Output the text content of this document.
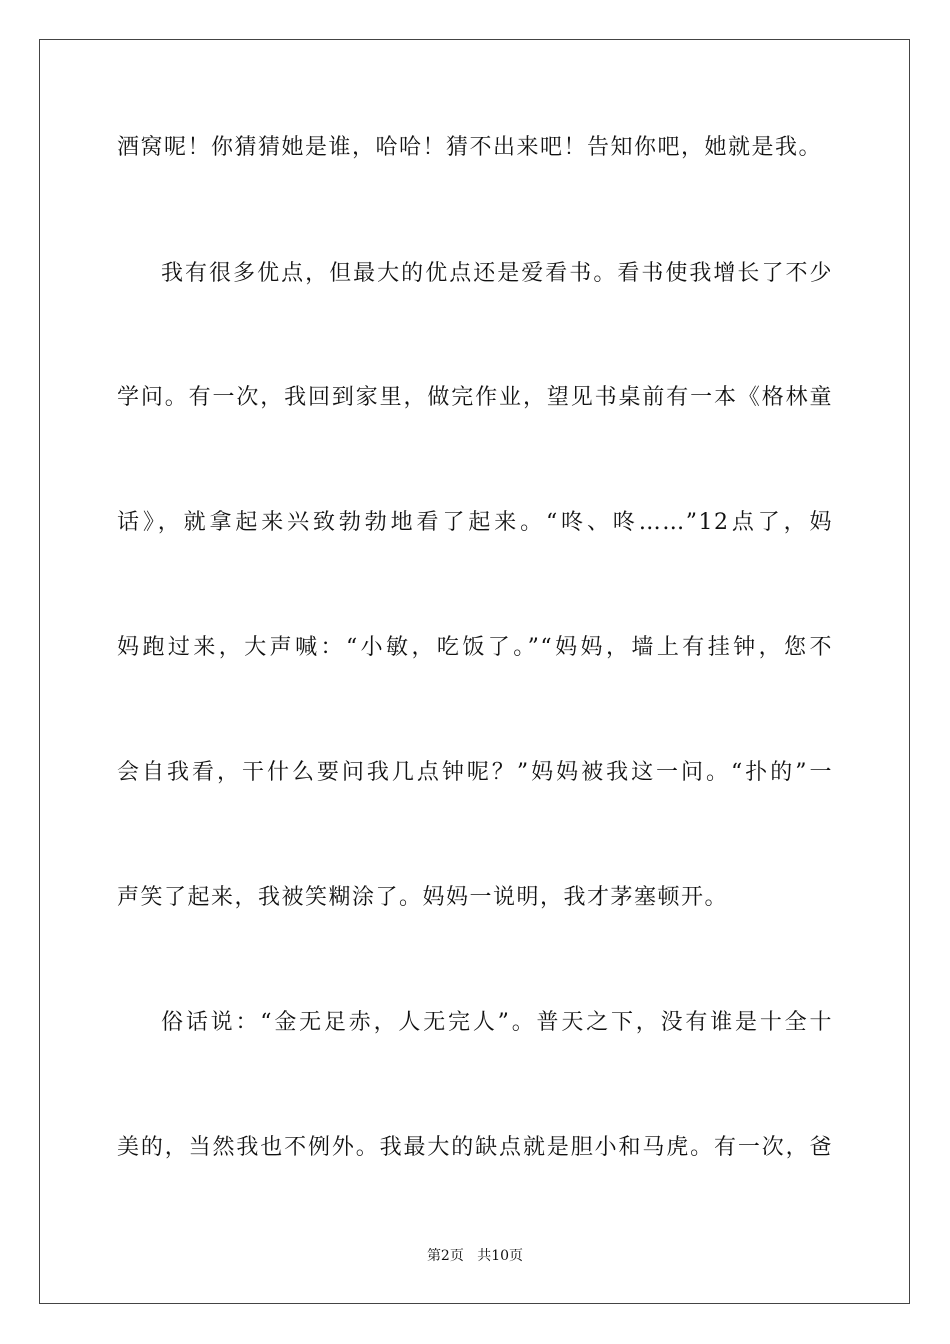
酒窝呢！你猜猜她是谁，哈哈！猜不出来吧！告知你吧，她就是我。
我有很多优点，但最大的优点还是爱看书。看书使我增长了不少
学问。有一次，我回到家里，做完作业，望见书桌前有一本《格林童
话》，就拿起来兴致勃勃地看了起来。“咚、咚……”12点了，妈
妈跑过来，大声喊：“小敏，吃饭了。”“妈妈，墙上有挂钟，您不
会自我看，干什么要问我几点钟呢？”妈妈被我这一问。“扑的”一
声笑了起来，我被笑糊涂了。妈妈一说明，我才茅塞顿开。
俗话说：“金无足赤，人无完人”。普天之下，没有谁是十全十
美的，当然我也不例外。我最大的缺点就是胆小和马虎。有一次，爸
第2页 共10页
